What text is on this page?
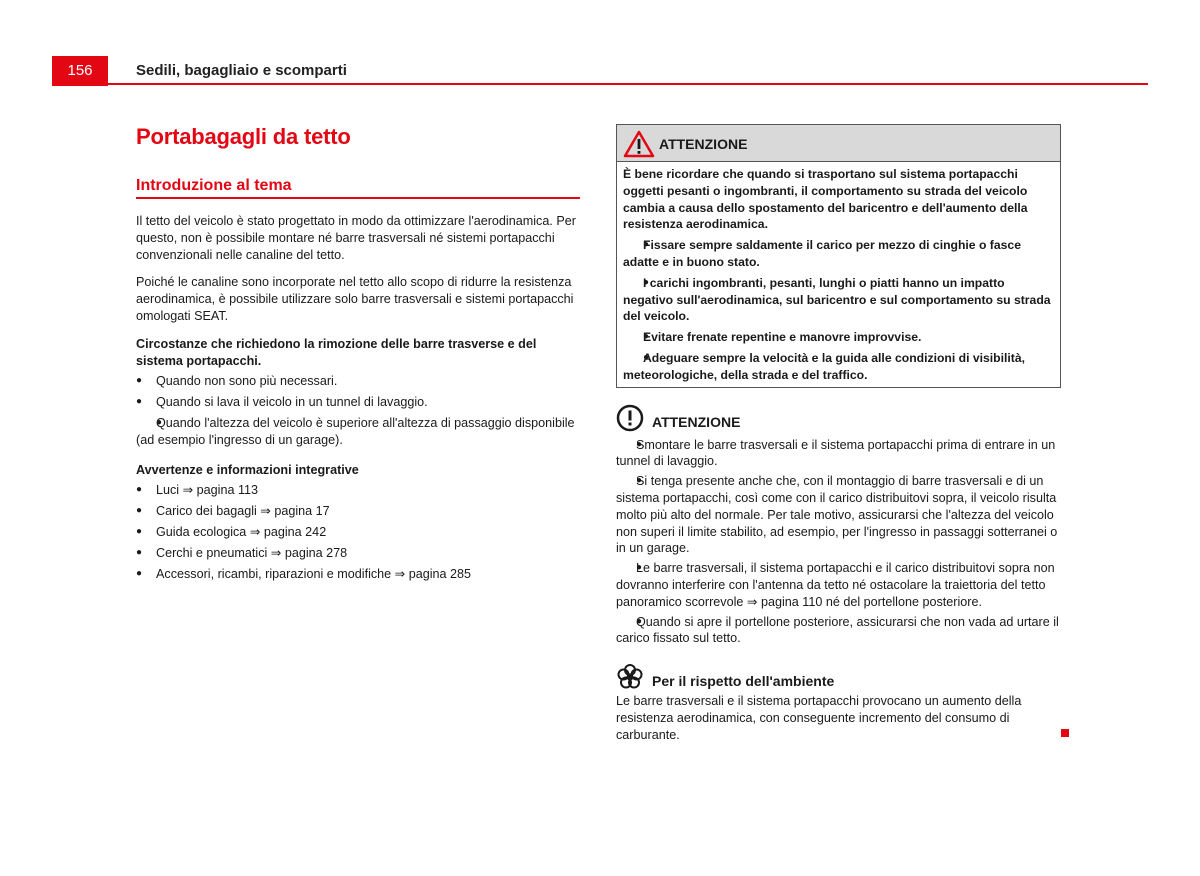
156	Sedili, bagagliaio e scomparti
Portabagagli da tetto
Introduzione al tema

Il tetto del veicolo è stato progettato in modo da ottimizzare l'aerodinamica. Per questo, non è possibile montare né barre trasversali né sistemi portapacchi convenzionali nelle canaline del tetto.

Poiché le canaline sono incorporate nel tetto allo scopo di ridurre la resistenza aerodinamica, è possibile utilizzare solo barre trasversali e sistemi portapacchi omologati SEAT.

Circostanze che richiedono la rimozione delle barre trasverse e del sistema portapacchi.

● Quando non sono più necessari.
● Quando si lava il veicolo in un tunnel di lavaggio.
● Quando l'altezza del veicolo è superiore all'altezza di passaggio disponibile (ad esempio l'ingresso di un garage).

Avvertenze e informazioni integrative

● Luci ⇒ pagina 113
● Carico dei bagagli ⇒ pagina 17
● Guida ecologica ⇒ pagina 242
● Cerchi e pneumatici ⇒ pagina 278
● Accessori, ricambi, riparazioni e modifiche ⇒ pagina 285
ATTENZIONE

È bene ricordare che quando si trasportano sul sistema portapacchi oggetti pesanti o ingombranti, il comportamento su strada del veicolo cambia a causa dello spostamento del baricentro e dell'aumento della resistenza aerodinamica.

● Fissare sempre saldamente il carico per mezzo di cinghie o fasce adatte e in buono stato.
● I carichi ingombranti, pesanti, lunghi o piatti hanno un impatto negativo sull'aerodinamica, sul baricentro e sul comportamento su strada del veicolo.
● Evitare frenate repentine e manovre improvvise.
● Adeguare sempre la velocità e la guida alle condizioni di visibilità, meteorologiche, della strada e del traffico.
ATTENZIONE
● Smontare le barre trasversali e il sistema portapacchi prima di entrare in un tunnel di lavaggio.
● Si tenga presente anche che, con il montaggio di barre trasversali e di un sistema portapacchi, così come con il carico distribuitovi sopra, il veicolo risulta molto più alto del normale. Per tale motivo, assicurarsi che l'altezza del veicolo non superi il limite stabilito, ad esempio, per l'ingresso in passaggi sotterranei o in un garage.
● Le barre trasversali, il sistema portapacchi e il carico distribuitovi sopra non dovranno interferire con l'antenna da tetto né ostacolare la traiettoria del tetto panoramico scorrevole ⇒ pagina 110 né del portellone posteriore.
● Quando si apre il portellone posteriore, assicurarsi che non vada ad urtare il carico fissato sul tetto.
Per il rispetto dell'ambiente

Le barre trasversali e il sistema portapacchi provocano un aumento della resistenza aerodinamica, con conseguente incremento del consumo di carburante.
